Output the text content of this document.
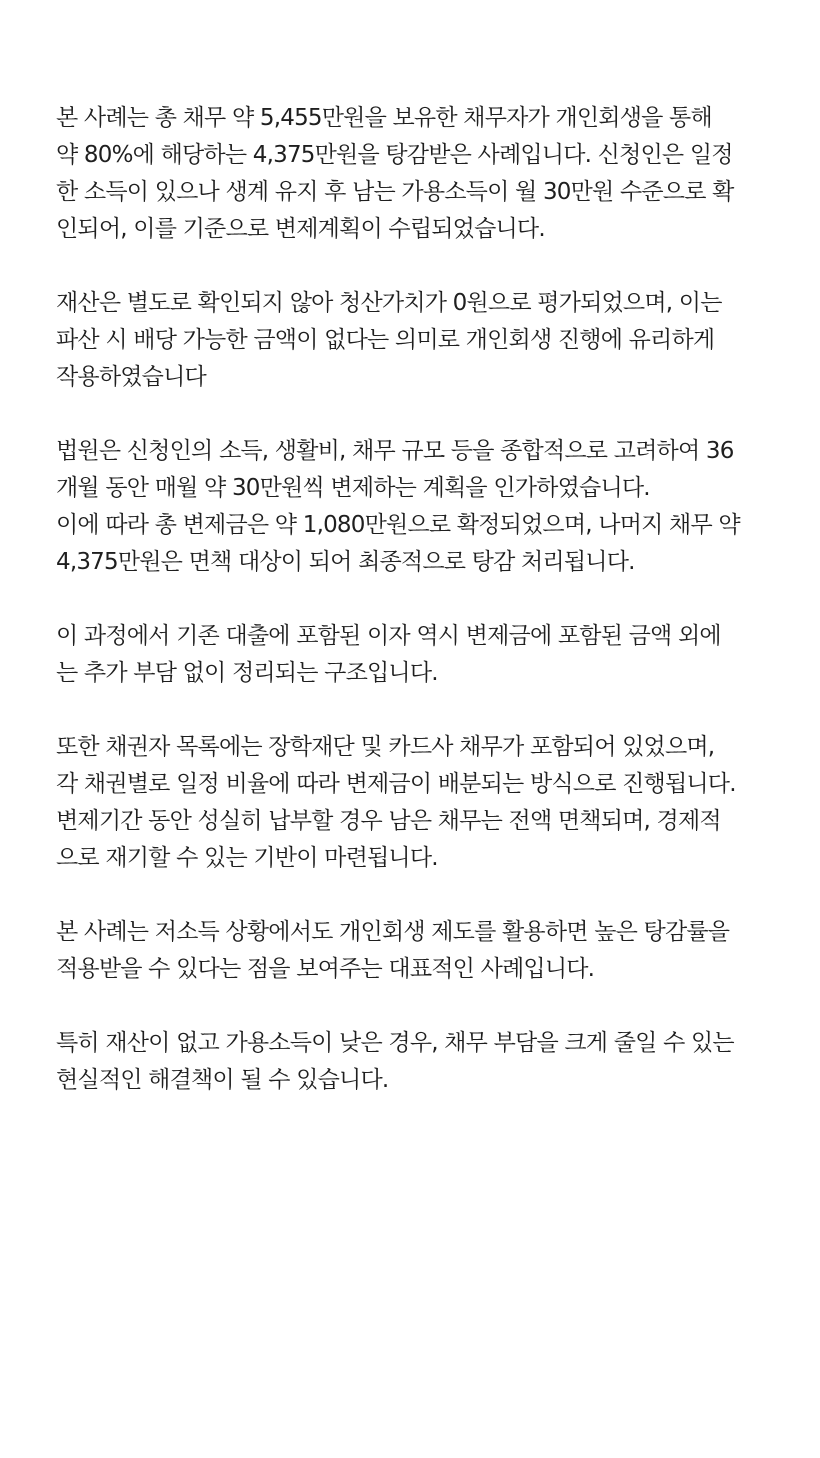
본 사례는 총 채무 약 5,455만원을 보유한 채무자가 개인회생을 통해
약 80%에 해당하는 4,375만원을 탕감받은 사례입니다. 신청인은 일정
한 소득이 있으나 생계 유지 후 남는 가용소득이 월 30만원 수준으로 확
인되어, 이를 기준으로 변제계획이 수립되었습니다.

재산은 별도로 확인되지 않아 청산가치가 0원으로 평가되었으며, 이는
파산 시 배당 가능한 금액이 없다는 의미로 개인회생 진행에 유리하게
작용하였습니다

법원은 신청인의 소득, 생활비, 채무 규모 등을 종합적으로 고려하여 36
개월 동안 매월 약 30만원씩 변제하는 계획을 인가하였습니다.
이에 따라 총 변제금은 약 1,080만원으로 확정되었으며, 나머지 채무 약
4,375만원은 면책 대상이 되어 최종적으로 탕감 처리됩니다.

이 과정에서 기존 대출에 포함된 이자 역시 변제금에 포함된 금액 외에
는 추가 부담 없이 정리되는 구조입니다.

또한 채권자 목록에는 장학재단 및 카드사 채무가 포함되어 있었으며,
각 채권별로 일정 비율에 따라 변제금이 배분되는 방식으로 진행됩니다.
변제기간 동안 성실히 납부할 경우 남은 채무는 전액 면책되며, 경제적
으로 재기할 수 있는 기반이 마련됩니다.

본 사례는 저소득 상황에서도 개인회생 제도를 활용하면 높은 탕감률을
적용받을 수 있다는 점을 보여주는 대표적인 사례입니다.

특히 재산이 없고 가용소득이 낮은 경우, 채무 부담을 크게 줄일 수 있는
현실적인 해결책이 될 수 있습니다.
